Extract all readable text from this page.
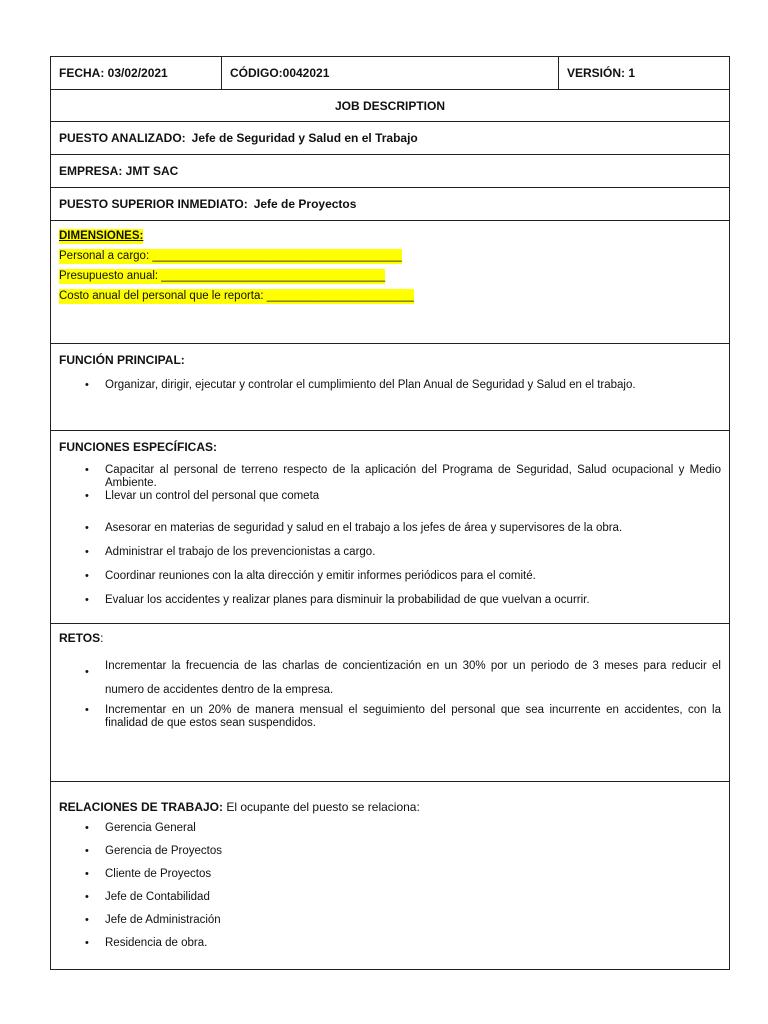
FECHA: 03/02/2021	CÓDIGO:0042021	VERSIÓN: 1
JOB DESCRIPTION
PUESTO ANALIZADO: Jefe de Seguridad y Salud en el Trabajo
EMPRESA: JMT SAC
PUESTO SUPERIOR INMEDIATO: Jefe de Proyectos
DIMENSIONES:
Personal a cargo: _______________________________________
Presupuesto anual: ___________________________________
Costo anual del personal que le reporta: _______________________
FUNCIÓN PRINCIPAL:
• Organizar, dirigir, ejecutar y controlar el cumplimiento del Plan Anual de Seguridad y Salud en el trabajo.
FUNCIONES ESPECÍFICAS:
• Capacitar al personal de terreno respecto de la aplicación del Programa de Seguridad, Salud ocupacional y Medio Ambiente.
• Llevar un control del personal que cometa
• Asesorar en materias de seguridad y salud en el trabajo a los jefes de área y supervisores de la obra.
• Administrar el trabajo de los prevencionistas a cargo.
• Coordinar reuniones con la alta dirección y emitir informes periódicos para el comité.
• Evaluar los accidentes y realizar planes para disminuir la probabilidad de que vuelvan a ocurrir.
RETOS:
• Incrementar la frecuencia de las charlas de concientización en un 30% por un periodo de 3 meses para reducir el numero de accidentes dentro de la empresa.
• Incrementar en un 20% de manera mensual el seguimiento del personal que sea incurrente en accidentes, con la finalidad de que estos sean suspendidos.
RELACIONES DE TRABAJO: El ocupante del puesto se relaciona:
• Gerencia General
• Gerencia de Proyectos
• Cliente de Proyectos
• Jefe de Contabilidad
• Jefe de Administración
• Residencia de obra.
